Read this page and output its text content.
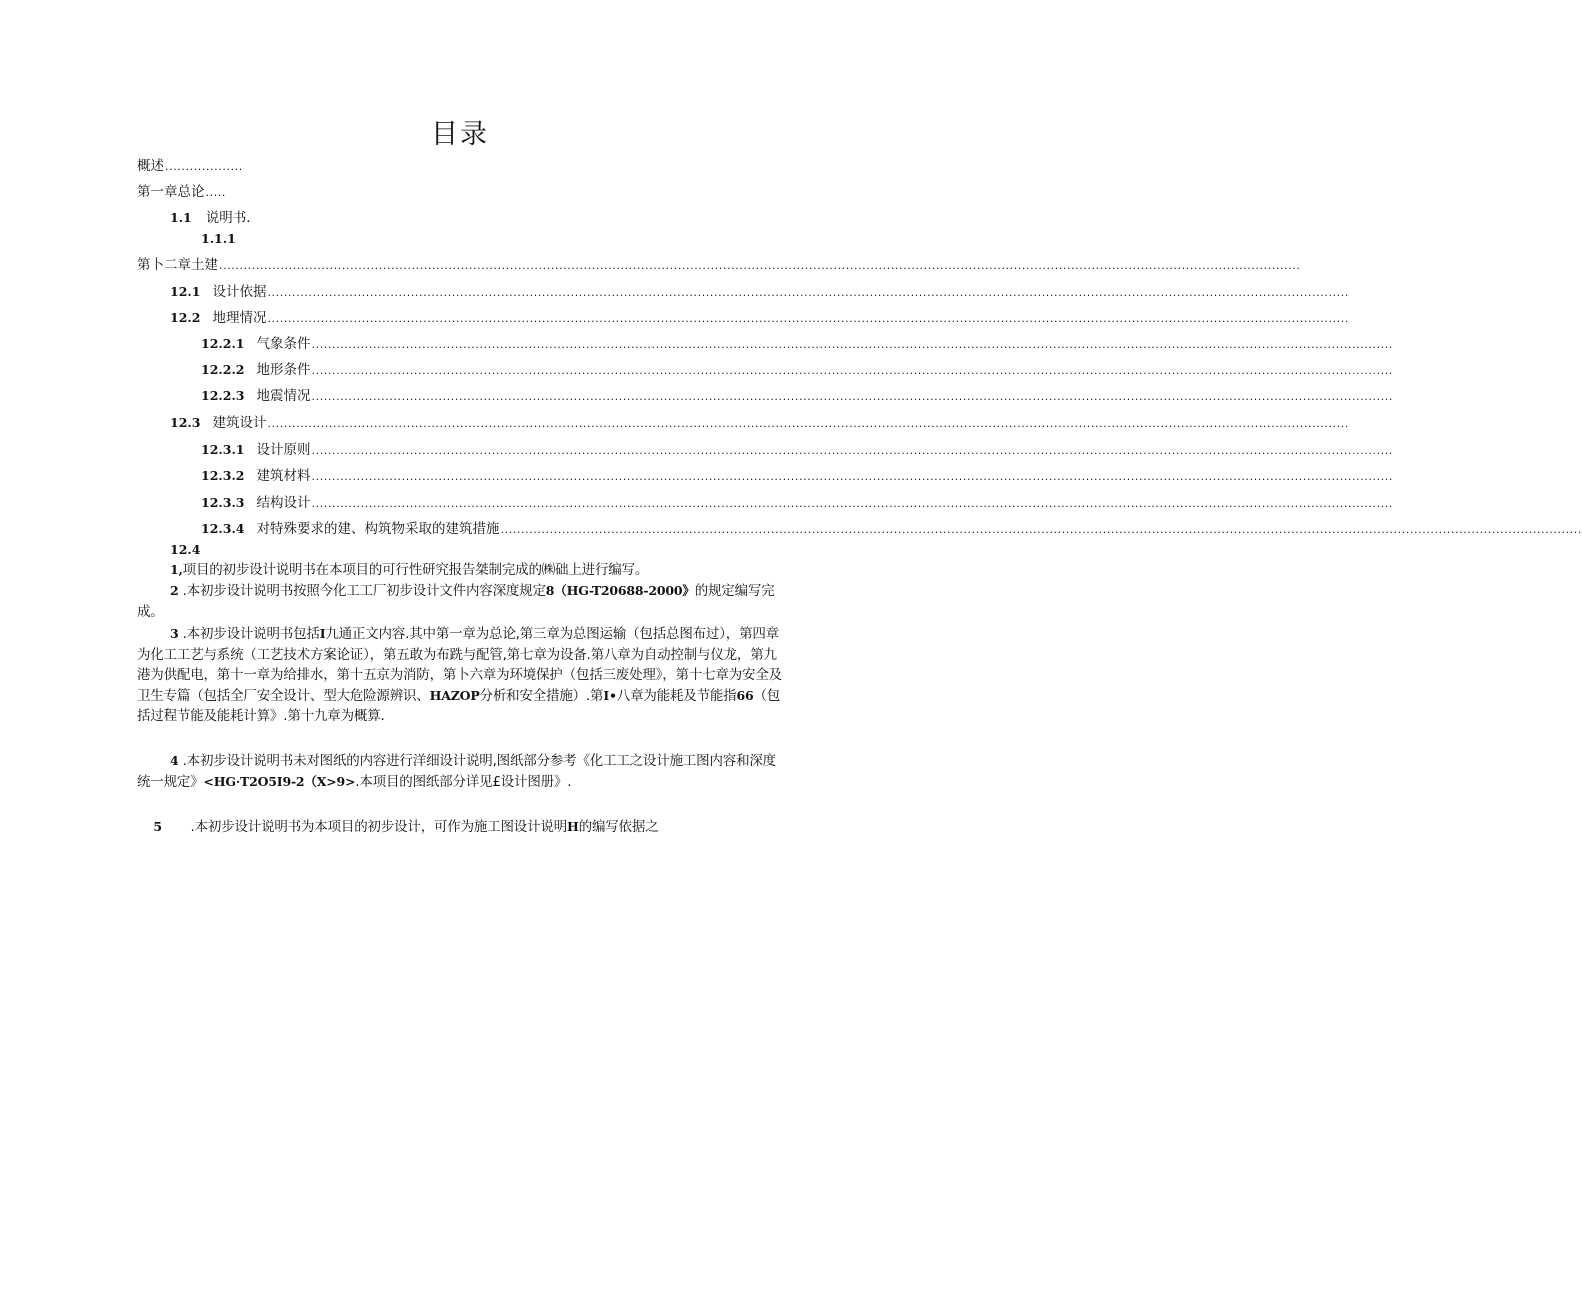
目录
概述 ...................
第一章总论 .....
1.1 说明书.
1.1.1
第卜二章土建 ........................................................................................................................................................................................................................................................................
12.1 设计依据 ........................................................................................................................................................................................................................................................................
12.2 地理情况 ........................................................................................................................................................................................................................................................................
12.2.1 气象条件 ........................................................................................................................................................................................................................................................................
12.2.2 地形条件 ........................................................................................................................................................................................................................................................................
12.2.3 地震情况 ........................................................................................................................................................................................................................................................................
12.3 建筑设计 ........................................................................................................................................................................................................................................................................
12.3.1 设计原则 ........................................................................................................................................................................................................................................................................
12.3.2 建筑材料 ........................................................................................................................................................................................................................................................................
12.3.3 结构设计 ........................................................................................................................................................................................................................................................................
12.3.4 对特殊要求的建、构筑物采取的建筑措施 ........................................................................................................................................................................................................................................................................
12.4
1,项目的初步设计说明书在本项目的可行性研究报告桀制完成的㈱础上进行编写。
2 .本初步设计说明书按照今化工工厂初步设计文件内容深度规定8（HG-T20688-2000》的规定编写完成。
3 .本初步设计说明书包括I九通正文内容.其中第一章为总论,第三章为总图运输（包括总图布过），第四章为化工工艺与系统（工艺技术方案论证），第五敢为布跣与配管,第七章为设备.第八章为自动控制与仪龙，第九港为供配电，第十一章为给排水，第十五京为消防，第卜六章为环境保护（包括三废处理》，第十七章为安全及卫生专篇（包括全厂安全设计、型大危险源辨识、HAZOP分析和安全措施）.第I•八章为能耗及节能指66（包括过程节能及能耗计算》.第十九章为概算.
4 .本初步设计说明书未对图纸的内容进行洋细设计说明,图纸部分参考《化工工之设计施工图内容和深度统一规定》<HG·T2O5I9-2（X>9>.本项目的图纸部分详见£设计图册》.

5       .本初步设计说明书为本项目的初步设计，可作为施工图设计说明H的编写依据之
